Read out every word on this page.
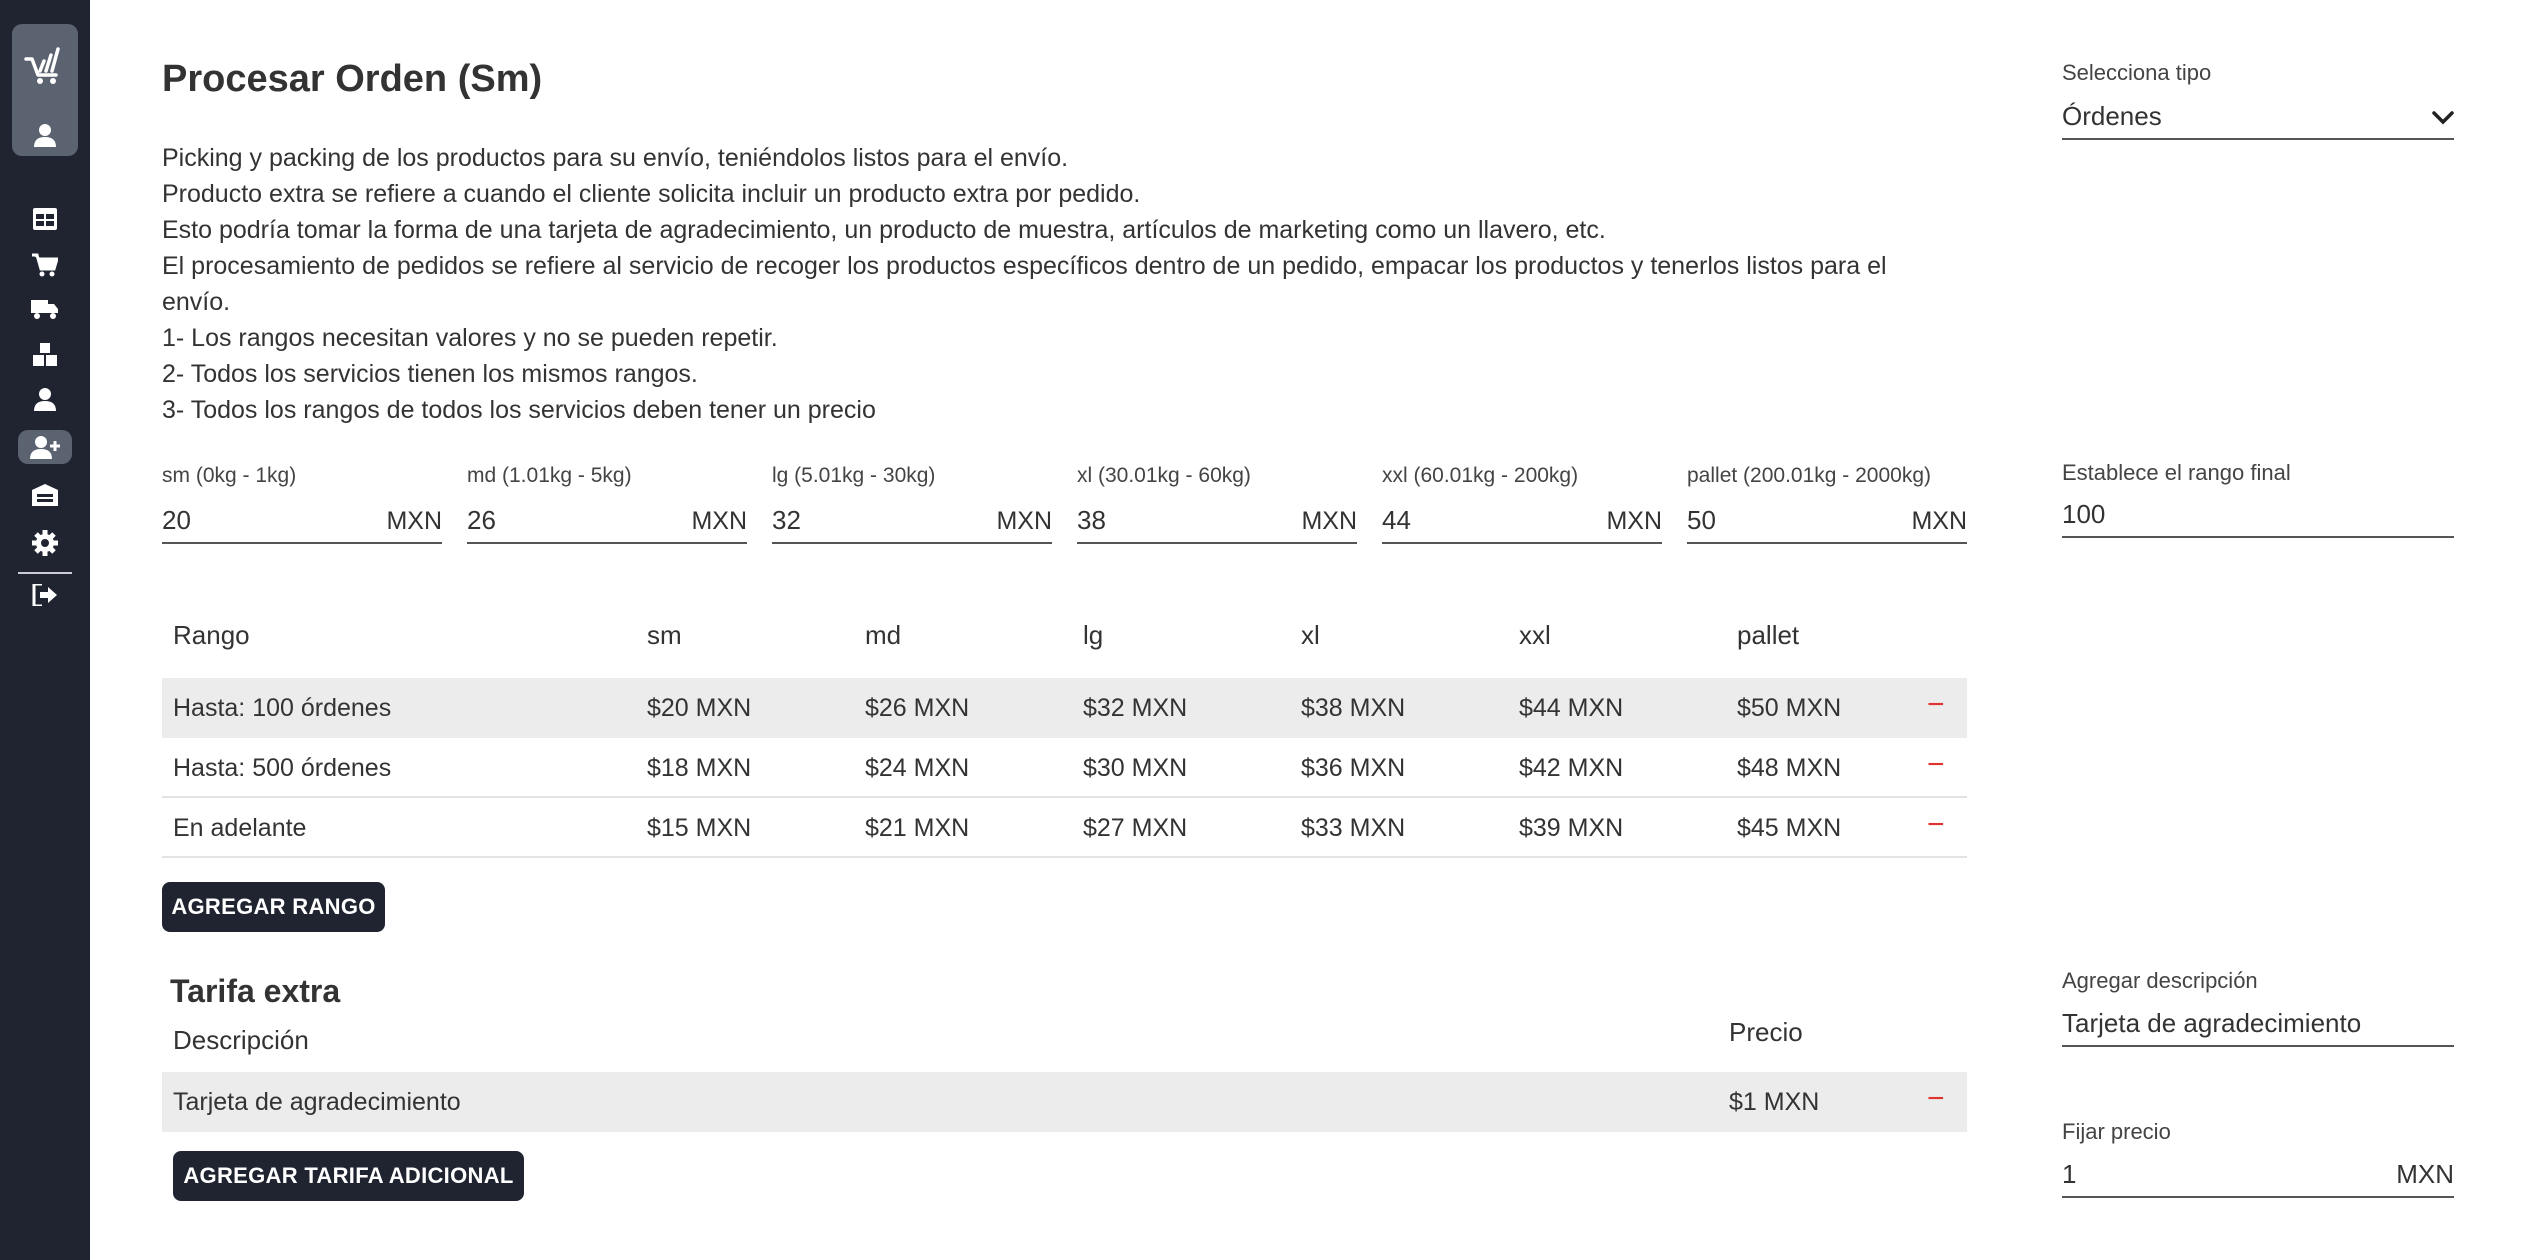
Procesar Orden (Sm)
Picking y packing de los productos para su envío, teniéndolos listos para el envío.
Producto extra se refiere a cuando el cliente solicita incluir un producto extra por pedido.
Esto podría tomar la forma de una tarjeta de agradecimiento, un producto de muestra, artículos de marketing como un llavero, etc.
El procesamiento de pedidos se refiere al servicio de recoger los productos específicos dentro de un pedido, empacar los productos y tenerlos listos para el envío.
1- Los rangos necesitan valores y no se pueden repetir.
2- Todos los servicios tienen los mismos rangos.
3- Todos los rangos de todos los servicios deben tener un precio
sm (0kg - 1kg)
20	MXN
md (1.01kg - 5kg)
26	MXN
lg (5.01kg - 30kg)
32	MXN
xl (30.01kg - 60kg)
38	MXN
xxl (60.01kg - 200kg)
44	MXN
pallet (200.01kg - 2000kg)
50	MXN
Rango	sm	md	lg	xl	xxl	pallet
Hasta: 100 órdenes	$20 MXN	$26 MXN	$32 MXN	$38 MXN	$44 MXN	$50 MXN	−
Hasta: 500 órdenes	$18 MXN	$24 MXN	$30 MXN	$36 MXN	$42 MXN	$48 MXN	−
En adelante	$15 MXN	$21 MXN	$27 MXN	$33 MXN	$39 MXN	$45 MXN	−
AGREGAR RANGO
Tarifa extra
Descripción	Precio
Tarjeta de agradecimiento	$1 MXN	−
AGREGAR TARIFA ADICIONAL
Selecciona tipo
Órdenes
Establece el rango final
100
Agregar descripción
Tarjeta de agradecimiento
Fijar precio
1	MXN
